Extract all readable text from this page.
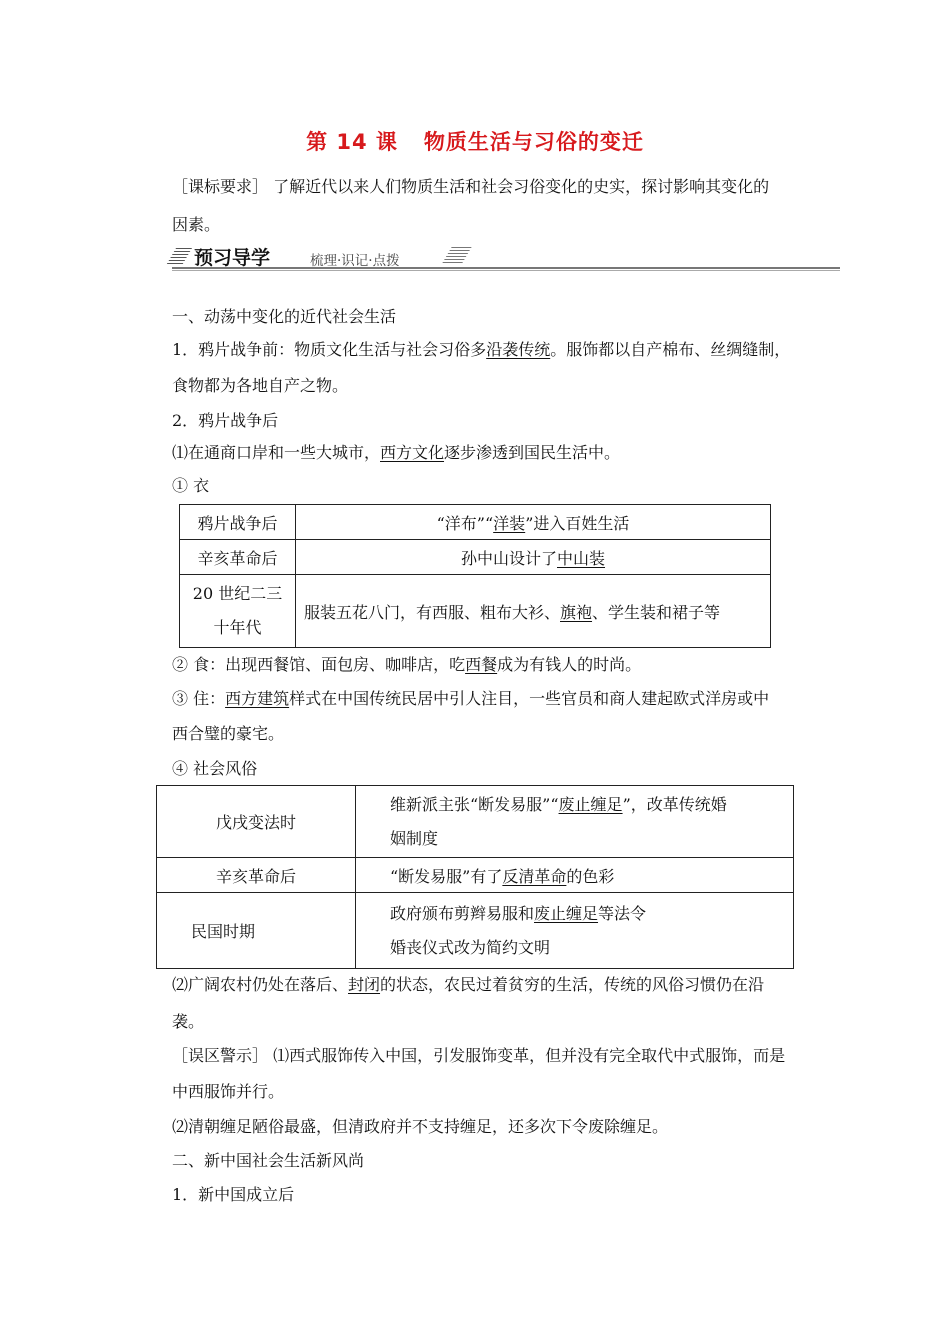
第 14 课 物质生活与习俗的变迁
［课标要求］ 了解近代以来人们物质生活和社会习俗变化的史实，探讨影响其变化的
因素。
预习导学	梳理·识记·点拨
一、动荡中变化的近代社会生活
1．鸦片战争前：物质文化生活与社会习俗多沿袭传统。服饰都以自产棉布、丝绸缝制，
食物都为各地自产之物。
2．鸦片战争后
⑴在通商口岸和一些大城市，西方文化逐步渗透到国民生活中。
① 衣
鸦片战争后	“洋布”“洋装”进入百姓生活
辛亥革命后	孙中山设计了中山装
20 世纪二三
十年代	服装五花八门，有西服、粗布大衫、旗袍、学生装和裙子等
② 食：出现西餐馆、面包房、咖啡店，吃西餐成为有钱人的时尚。
③ 住：西方建筑样式在中国传统民居中引人注目，一些官员和商人建起欧式洋房或中
西合璧的豪宅。
④ 社会风俗
戊戌变法时	维新派主张“断发易服”“废止缠足”，改革传统婚
姻制度
辛亥革命后	“断发易服”有了反清革命的色彩
民国时期	政府颁布剪辫易服和废止缠足等法令
婚丧仪式改为简约文明
⑵广阔农村仍处在落后、封闭的状态，农民过着贫穷的生活，传统的风俗习惯仍在沿
袭。
［误区警示］ ⑴西式服饰传入中国，引发服饰变革，但并没有完全取代中式服饰，而是
中西服饰并行。
⑵清朝缠足陋俗最盛，但清政府并不支持缠足，还多次下令废除缠足。
二、新中国社会生活新风尚
1．新中国成立后
